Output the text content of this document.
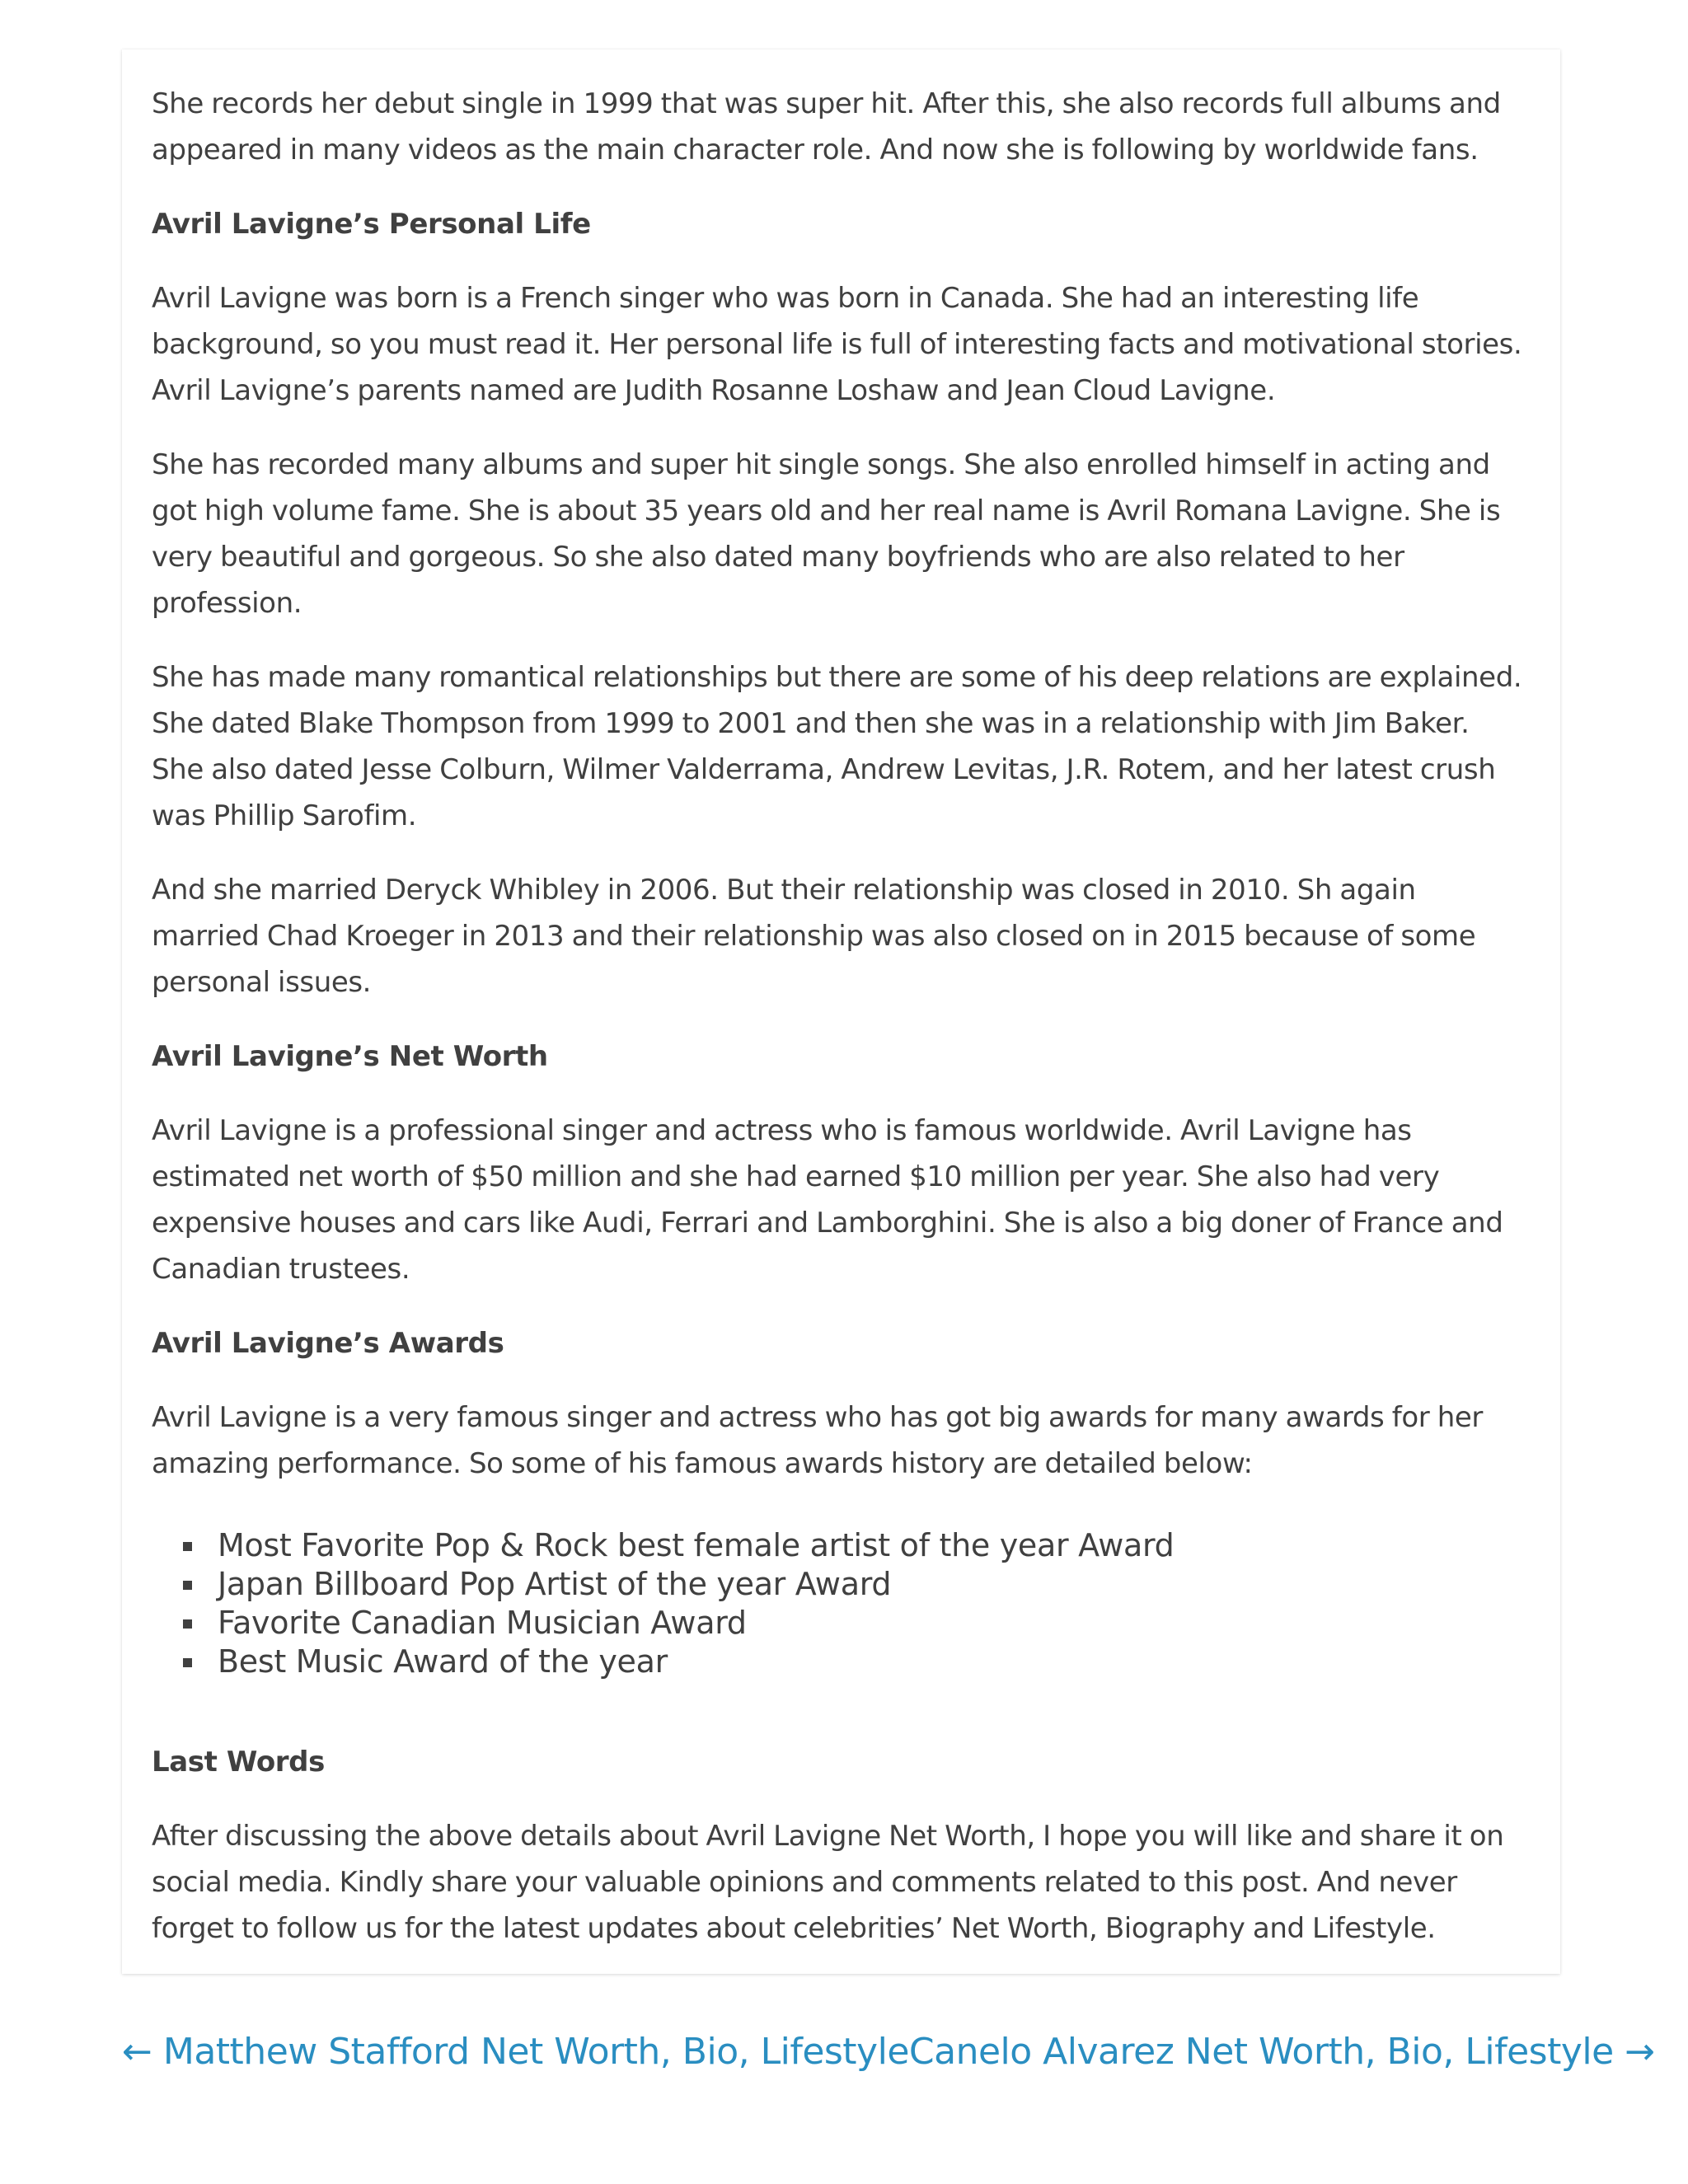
She records her debut single in 1999 that was super hit. After this, she also records full albums and appeared in many videos as the main character role. And now she is following by worldwide fans.

Avril Lavigne’s Personal Life

Avril Lavigne was born is a French singer who was born in Canada. She had an interesting life background, so you must read it. Her personal life is full of interesting facts and motivational stories. Avril Lavigne’s parents named are Judith Rosanne Loshaw and Jean Cloud Lavigne.

She has recorded many albums and super hit single songs. She also enrolled himself in acting and got high volume fame. She is about 35 years old and her real name is Avril Romana Lavigne. She is very beautiful and gorgeous. So she also dated many boyfriends who are also related to her profession.

She has made many romantical relationships but there are some of his deep relations are explained. She dated Blake Thompson from 1999 to 2001 and then she was in a relationship with Jim Baker. She also dated Jesse Colburn, Wilmer Valderrama, Andrew Levitas, J.R. Rotem, and her latest crush was Phillip Sarofim.

And she married Deryck Whibley in 2006. But their relationship was closed in 2010. Sh again married Chad Kroeger in 2013 and their relationship was also closed on in 2015 because of some personal issues.

Avril Lavigne’s Net Worth

Avril Lavigne is a professional singer and actress who is famous worldwide. Avril Lavigne has estimated net worth of $50 million and she had earned $10 million per year. She also had very expensive houses and cars like Audi, Ferrari and Lamborghini. She is also a big doner of France and Canadian trustees.

Avril Lavigne’s Awards

Avril Lavigne is a very famous singer and actress who has got big awards for many awards for her amazing performance. So some of his famous awards history are detailed below:

Most Favorite Pop & Rock best female artist of the year Award
Japan Billboard Pop Artist of the year Award
Favorite Canadian Musician Award
Best Music Award of the year
Last Words

After discussing the above details about Avril Lavigne Net Worth, I hope you will like and share it on social media. Kindly share your valuable opinions and comments related to this post. And never forget to follow us for the latest updates about celebrities’ Net Worth, Biography and Lifestyle.

← Matthew Stafford Net Worth, Bio, Lifestyle Canelo Alvarez Net Worth, Bio, Lifestyle →
